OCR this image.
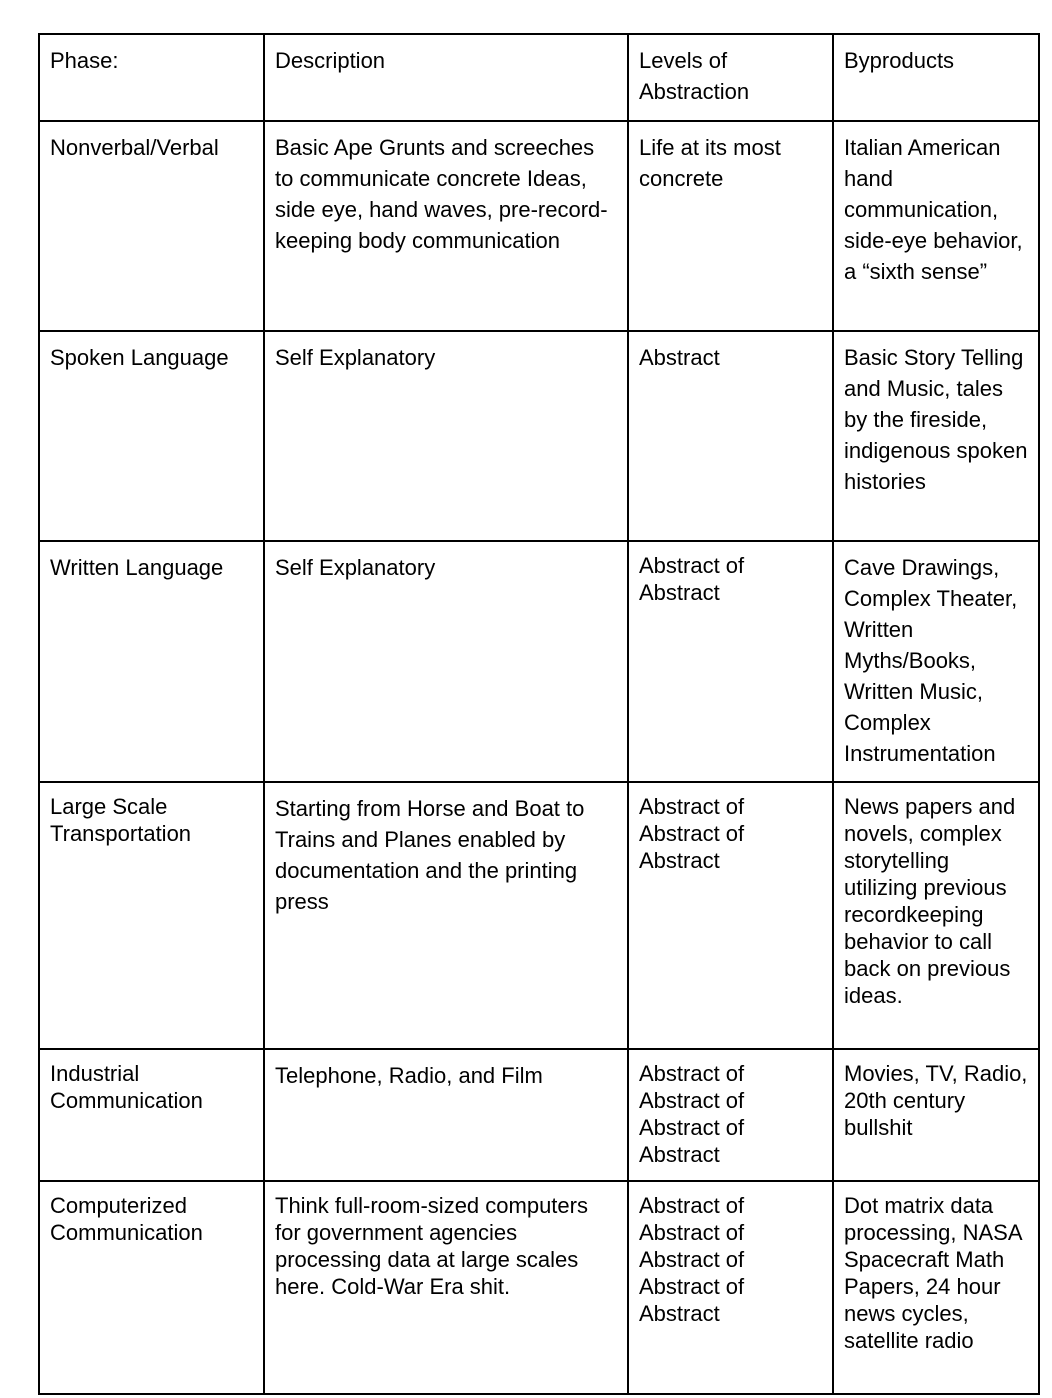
Phase:	Description	Levels of Abstraction	Byproducts
Nonverbal/Verbal	Basic Ape Grunts and screeches to communicate concrete Ideas, side eye, hand waves, pre-record-keeping body communication	Life at its most concrete	Italian American hand communication, side-eye behavior, a “sixth sense”
Spoken Language	Self Explanatory	Abstract	Basic Story Telling and Music, tales by the fireside, indigenous spoken histories
Written Language	Self Explanatory	Abstract of Abstract	Cave Drawings, Complex Theater, Written Myths/Books, Written Music, Complex Instrumentation
Large Scale Transportation	Starting from Horse and Boat to Trains and Planes enabled by documentation and the printing press	Abstract of Abstract of Abstract	News papers and novels, complex storytelling utilizing previous recordkeeping behavior to call back on previous ideas.
Industrial Communication	Telephone, Radio, and Film	Abstract of Abstract of Abstract of Abstract	Movies, TV, Radio, 20th century bullshit
Computerized Communication	Think full-room-sized computers for government agencies processing data at large scales here. Cold-War Era shit.	Abstract of Abstract of Abstract of Abstract of Abstract	Dot matrix data processing, NASA Spacecraft Math Papers, 24 hour news cycles, satellite radio
